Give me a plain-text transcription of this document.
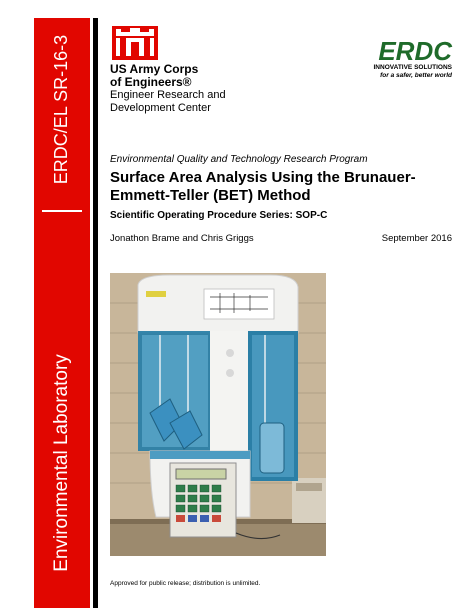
ERDC/EL SR-16-3
Environmental Laboratory
US Army Corps
of Engineers®
Engineer Research and
Development Center
ERDC
INNOVATIVE SOLUTIONS
for a safer, better world
Environmental Quality and Technology Research Program
Surface Area Analysis Using the Brunauer-Emmett-Teller (BET) Method
Scientific Operating Procedure Series: SOP-C
Jonathon Brame and Chris Griggs	September 2016
Approved for public release; distribution is unlimited.
